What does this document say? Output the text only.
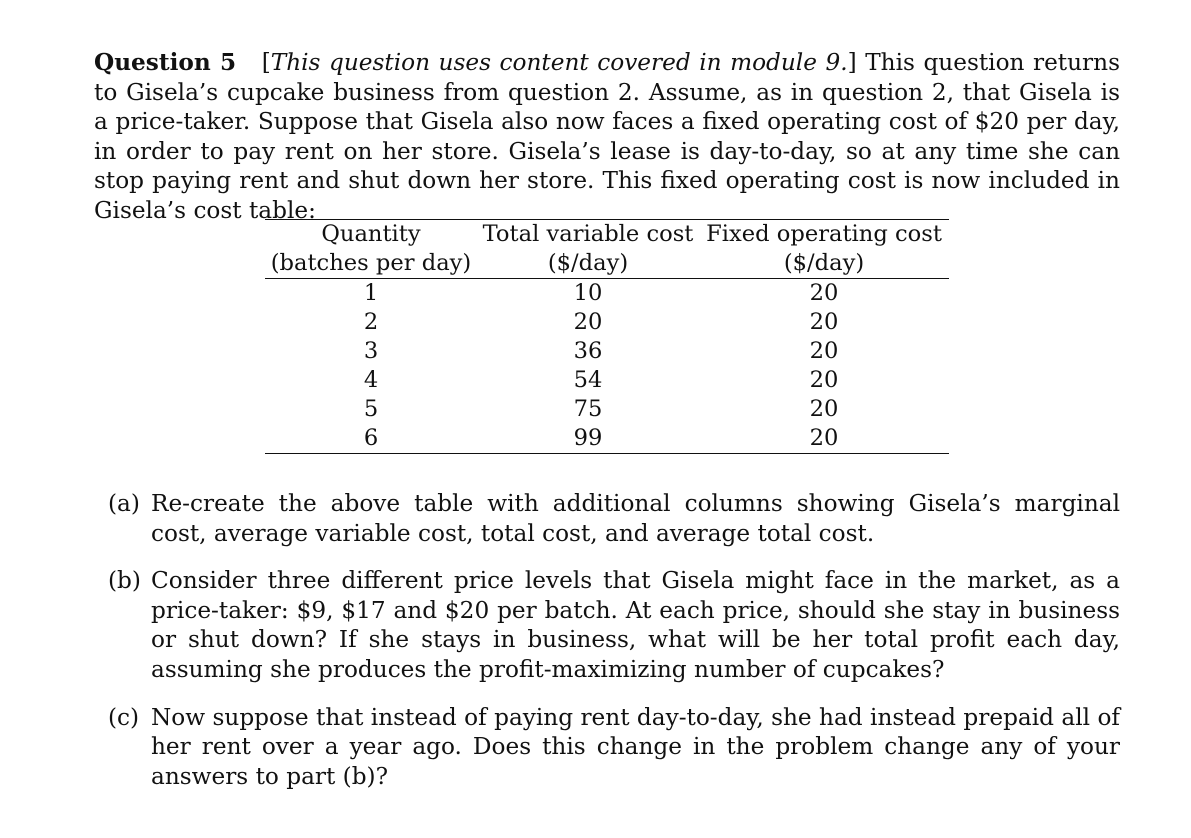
Question 5 [This question uses content covered in module 9.] This question returns to Gisela’s cupcake business from question 2. Assume, as in question 2, that Gisela is a price-taker. Suppose that Gisela also now faces a fixed operating cost of $20 per day, in order to pay rent on her store. Gisela’s lease is day-to-day, so at any time she can stop paying rent and shut down her store. This fixed operating cost is now included in Gisela’s cost table:

Quantity	Total variable cost	Fixed operating cost
(batches per day)	($/day)	($/day)
1	10	20
2	20	20
3	36	20
4	54	20
5	75	20
6	99	20
(a) Re-create the above table with additional columns showing Gisela’s marginal cost, average variable cost, total cost, and average total cost.
(b) Consider three different price levels that Gisela might face in the market, as a price-taker: $9, $17 and $20 per batch. At each price, should she stay in business or shut down? If she stays in business, what will be her total profit each day, assuming she produces the profit-maximizing number of cupcakes?
(c) Now suppose that instead of paying rent day-to-day, she had instead prepaid all of her rent over a year ago. Does this change in the problem change any of your answers to part (b)?
